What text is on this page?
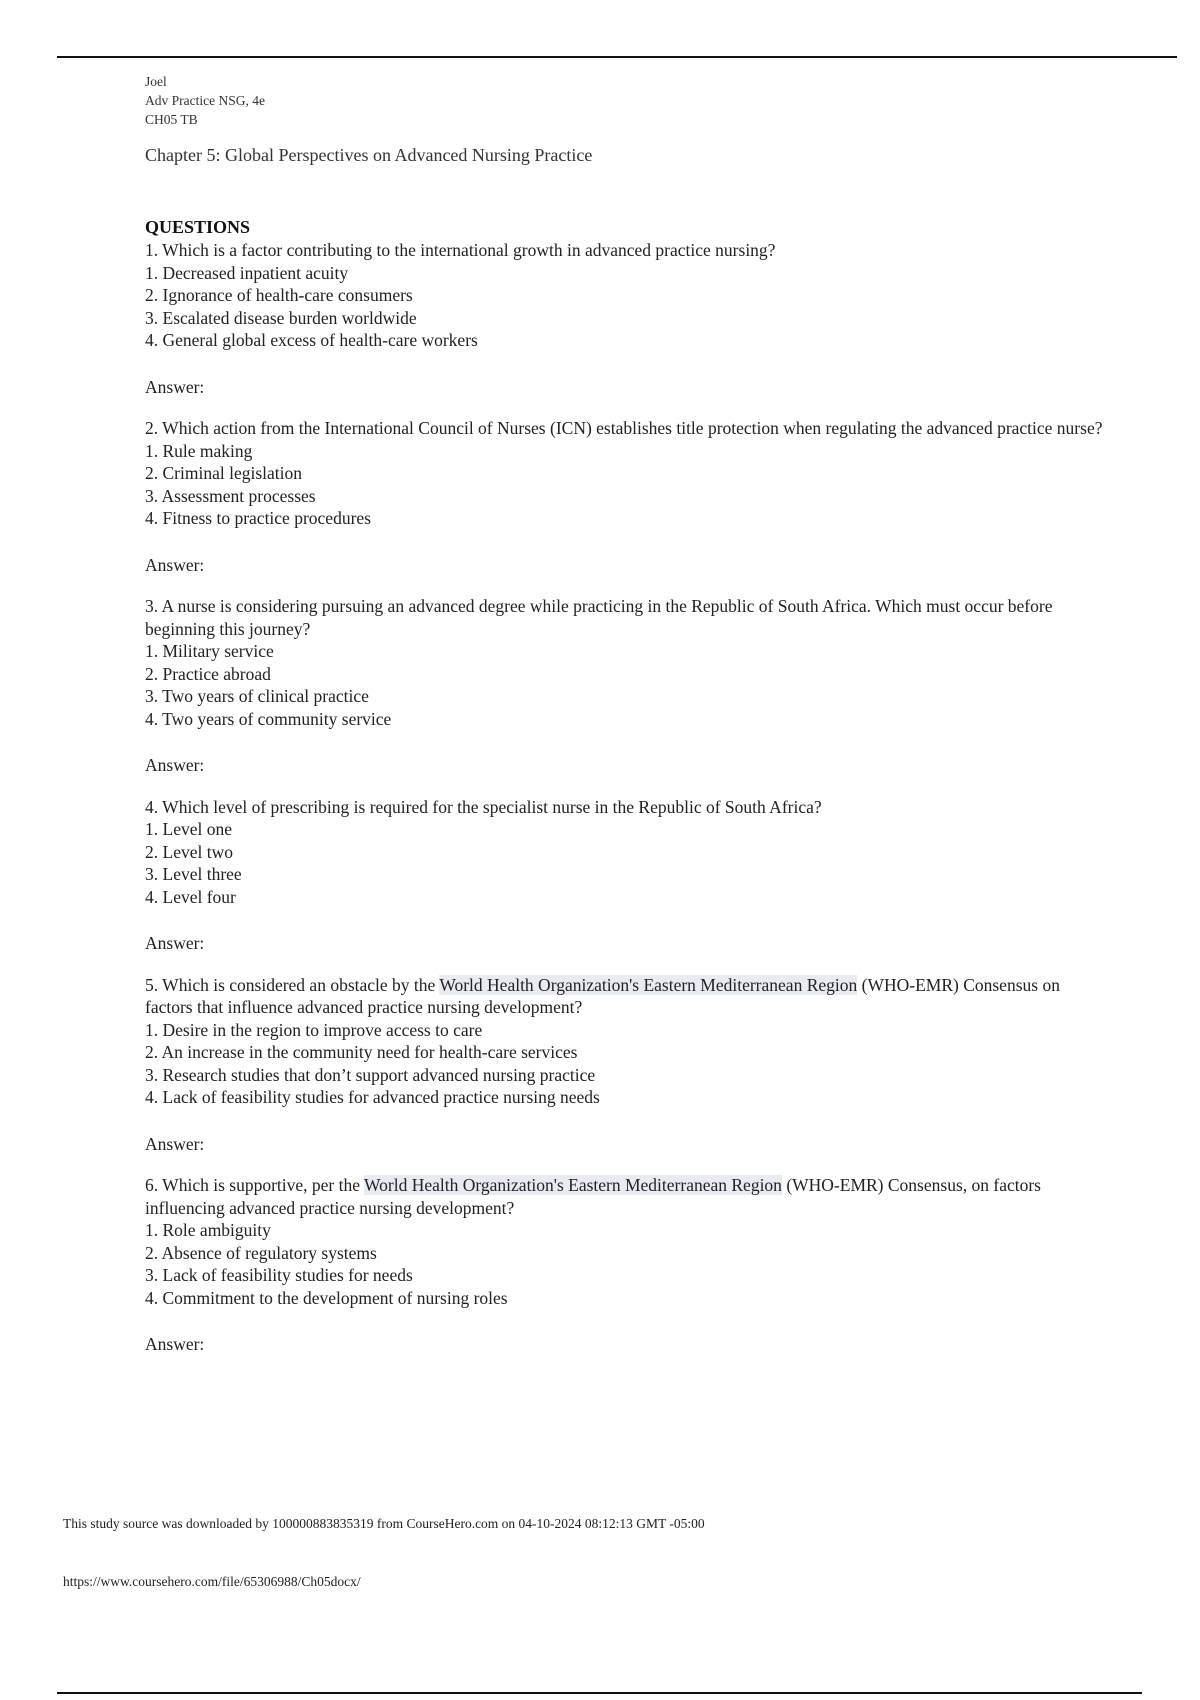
Joel
Adv Practice NSG, 4e
CH05 TB
Chapter 5: Global Perspectives on Advanced Nursing Practice
QUESTIONS
1. Which is a factor contributing to the international growth in advanced practice nursing?
1. Decreased inpatient acuity
2. Ignorance of health-care consumers
3. Escalated disease burden worldwide
4. General global excess of health-care workers
Answer:
2. Which action from the International Council of Nurses (ICN) establishes title protection when regulating the advanced practice nurse?
1. Rule making
2. Criminal legislation
3. Assessment processes
4. Fitness to practice procedures
Answer:
3. A nurse is considering pursuing an advanced degree while practicing in the Republic of South Africa. Which must occur before beginning this journey?
1. Military service
2. Practice abroad
3. Two years of clinical practice
4. Two years of community service
Answer:
4. Which level of prescribing is required for the specialist nurse in the Republic of South Africa?
1. Level one
2. Level two
3. Level three
4. Level four
Answer:
5. Which is considered an obstacle by the World Health Organization's Eastern Mediterranean Region (WHO-EMR) Consensus on factors that influence advanced practice nursing development?
1. Desire in the region to improve access to care
2. An increase in the community need for health-care services
3. Research studies that don’t support advanced nursing practice
4. Lack of feasibility studies for advanced practice nursing needs
Answer:
6. Which is supportive, per the World Health Organization's Eastern Mediterranean Region (WHO-EMR) Consensus, on factors influencing advanced practice nursing development?
1. Role ambiguity
2. Absence of regulatory systems
3. Lack of feasibility studies for needs
4. Commitment to the development of nursing roles
Answer:
This study source was downloaded by 100000883835319 from CourseHero.com on 04-10-2024 08:12:13 GMT -05:00
https://www.coursehero.com/file/65306988/Ch05docx/
